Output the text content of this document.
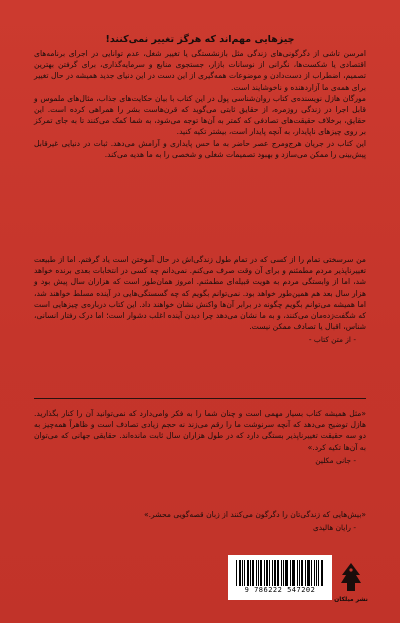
چیزهایی مهم‌اند که هرگز تغییر نمی‌کنند!
امرسن تاشی از دگرگونی‌های زندگی مثل بازنشستگی یا تغییر شغل، عدم توانایی در اجرای برنامه‌های اقتصادی یا شکست‌ها، نگرانی از نوسانات بازار، جستجوی منابع و سرمایه‌گذاری، برای گرفتن بهترین تصمیم، اضطراب از دست‌دادن و موضوعات همه‌گیری از این دست در این دنیای جدید همیشه در حال تغییر برای همه‌ی ما آزاردهنده و ناخوشایند است.
مورگان هازل نویسنده‌ی کتاب روان‌شناسی پول در این کتاب با بیان حکایت‌های جذاب، مثال‌های ملموس و قابل اجرا در زندگی روزمره، از حقایق ثابتی می‌گوید که قرن‌هاست بشر را همراهی کرده است. این حقایق، برخلاف حقیقت‌های تصادفی که کمتر به آن‌ها توجه می‌شود، به شما کمک می‌کنند تا به جای تمرکز بر روی چیزهای ناپایدار، به آنچه پایدار است، بیشتر تکیه کنید.
این کتاب در جریان هرج‌ومرج عصر حاضر به ما حس پایداری و آرامش می‌دهد. ثبات در دنیایی غیرقابل پیش‌بینی را ممکن می‌سازد و بهبود تصمیمات شغلی و شخصی را به ما هدیه می‌کند.
من سرسختی تمام را از کسی که در تمام طول زندگی‌اش در حال آموختن است یاد گرفتم. اما از طبیعت تغییرناپذیر مردم مطمئنم و برای آن وقت صرف می‌کنم. نمی‌دانم چه کسی در انتخابات بعدی برنده خواهد شد، اما از وابستگی مردم به هویت قبیله‌ای مطمئنم. امروز همان‌طور است که هزاران سال پیش بود و هزار سال بعد هم همین‌طور خواهد بود. نمی‌توانم بگویم که چه گسستگی‌هایی در آینده مسلط خواهند شد، اما همیشه می‌توانم بگویم چگونه در برابر آن‌ها واکنش نشان خواهند داد. این کتاب درباره‌ی چیزهایی است که شگفت‌زده‌مان می‌کنند، و به ما نشان می‌دهد چرا دیدن آینده اغلب دشوار است؛ اما درک رفتار انسانی، شناس، اقبال یا تصادف ممکن نیست.
- از متن کتاب -
«مثل همیشه کتاب بسیار مهمی است و چنان شما را به فکر وامی‌دارد که نمی‌توانید آن را کنار بگذارید. هازل توضیح می‌دهد که آنچه سرنوشت ما را رقم می‌زند نه حجم زیادی تصادف است و ظاهراً همه‌چیز به دو سه حقیقت تغییرناپذیر بستگی دارد که در طول هزاران سال ثابت مانده‌اند. حقایقی جهانی که می‌توان به آن‌ها تکیه کرد.»
- جانی مکلین
«بیش‌هایی که زندگی‌تان را دگرگون می‌کنند از زبان قصه‌گویی محشر.»
- رایان هالیدی
9 786222 547202
نشر میلکان
